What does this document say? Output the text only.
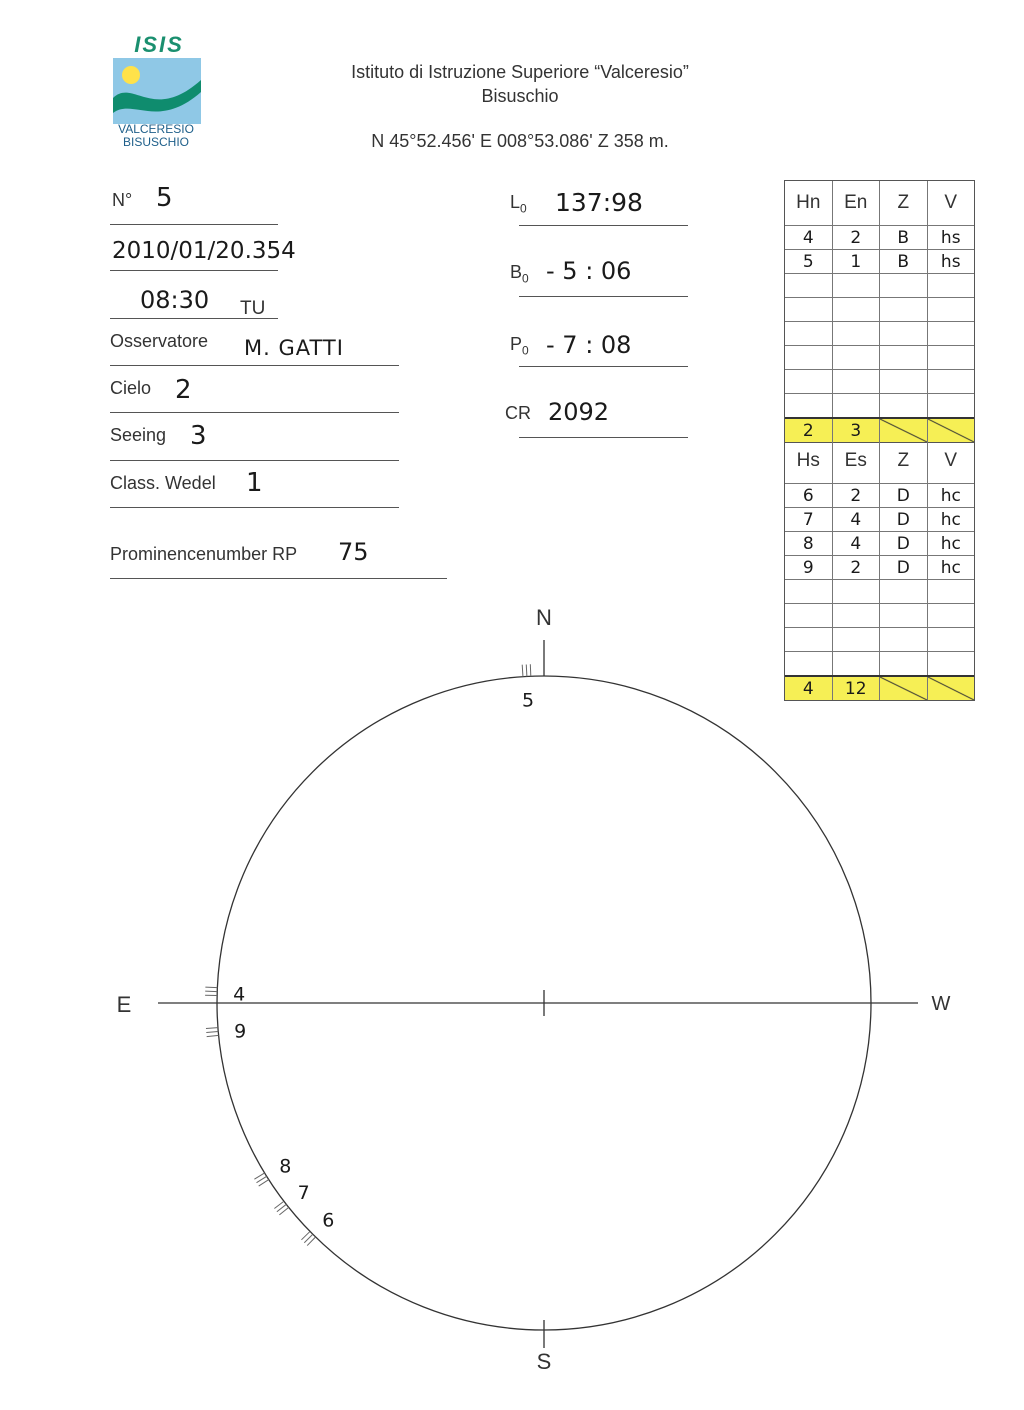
ISIS
VALCERESIO
BISUSCHIO
Istituto di Istruzione Superiore “Valceresio”
Bisuschio
N 45°52.456' E 008°53.086' Z 358 m.
N° 5
2010/01/20.354
08:30 TU
Osservatore M. GATTI
Cielo 2
Seeing 3
Class. Wedel 1
Prominencenumber RP 75
$L_0$ 137:98
$B_0 - 5$ : 06
$P_0 - 7$ : 08
CR 2092
Hn	En	Z	V
4	2	B	hs
5	1	B	hs
2	3
Hs	Es	Z	V
6	2	D	hc
7	4	D	hc
8	4	D	hc
9	2	D	hc
4	12
N
S
E	W
5
4
9
8
7
6
